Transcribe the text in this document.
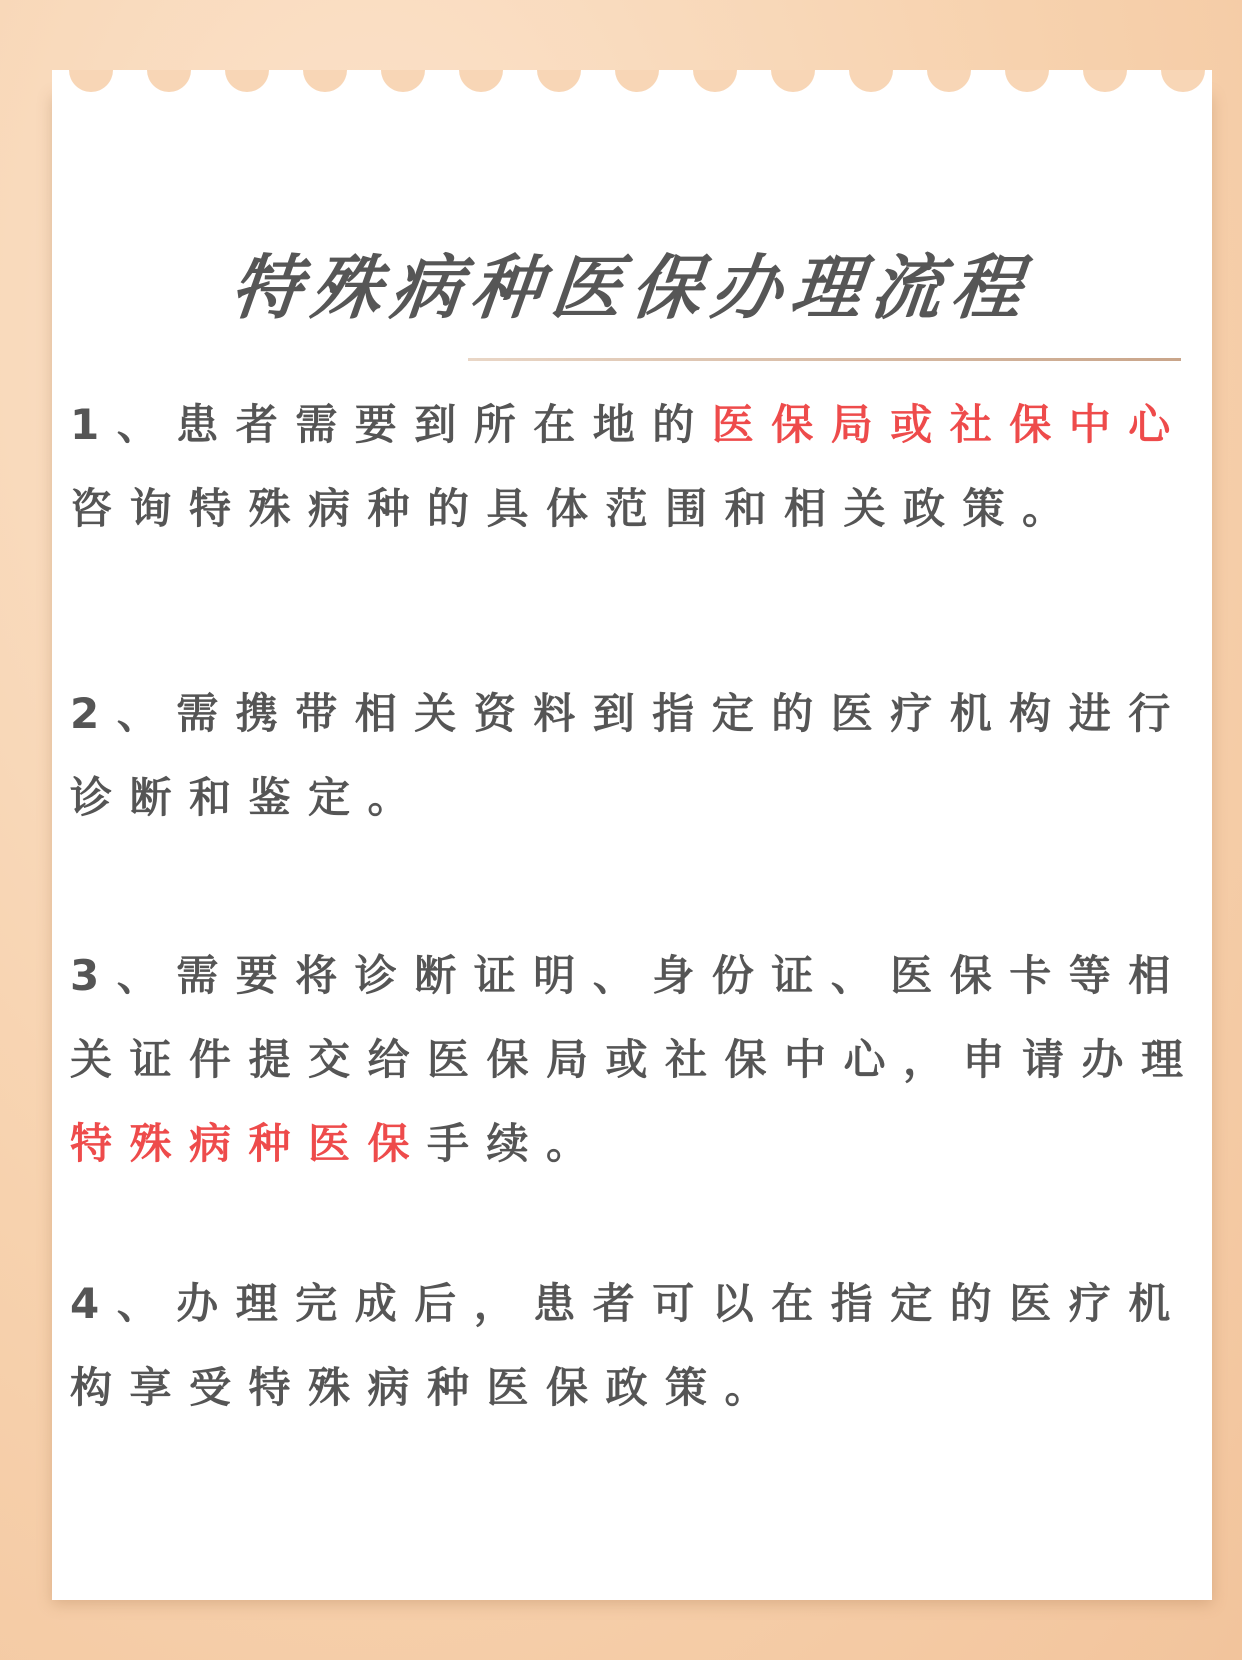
特殊病种医保办理流程

1、患者需要到所在地的医保局或社保中心咨询特殊病种的具体范围和相关政策。

2、需携带相关资料到指定的医疗机构进行诊断和鉴定。

3、需要将诊断证明、身份证、医保卡等相关证件提交给医保局或社保中心，申请办理特殊病种医保手续。

4、办理完成后，患者可以在指定的医疗机构享受特殊病种医保政策。
